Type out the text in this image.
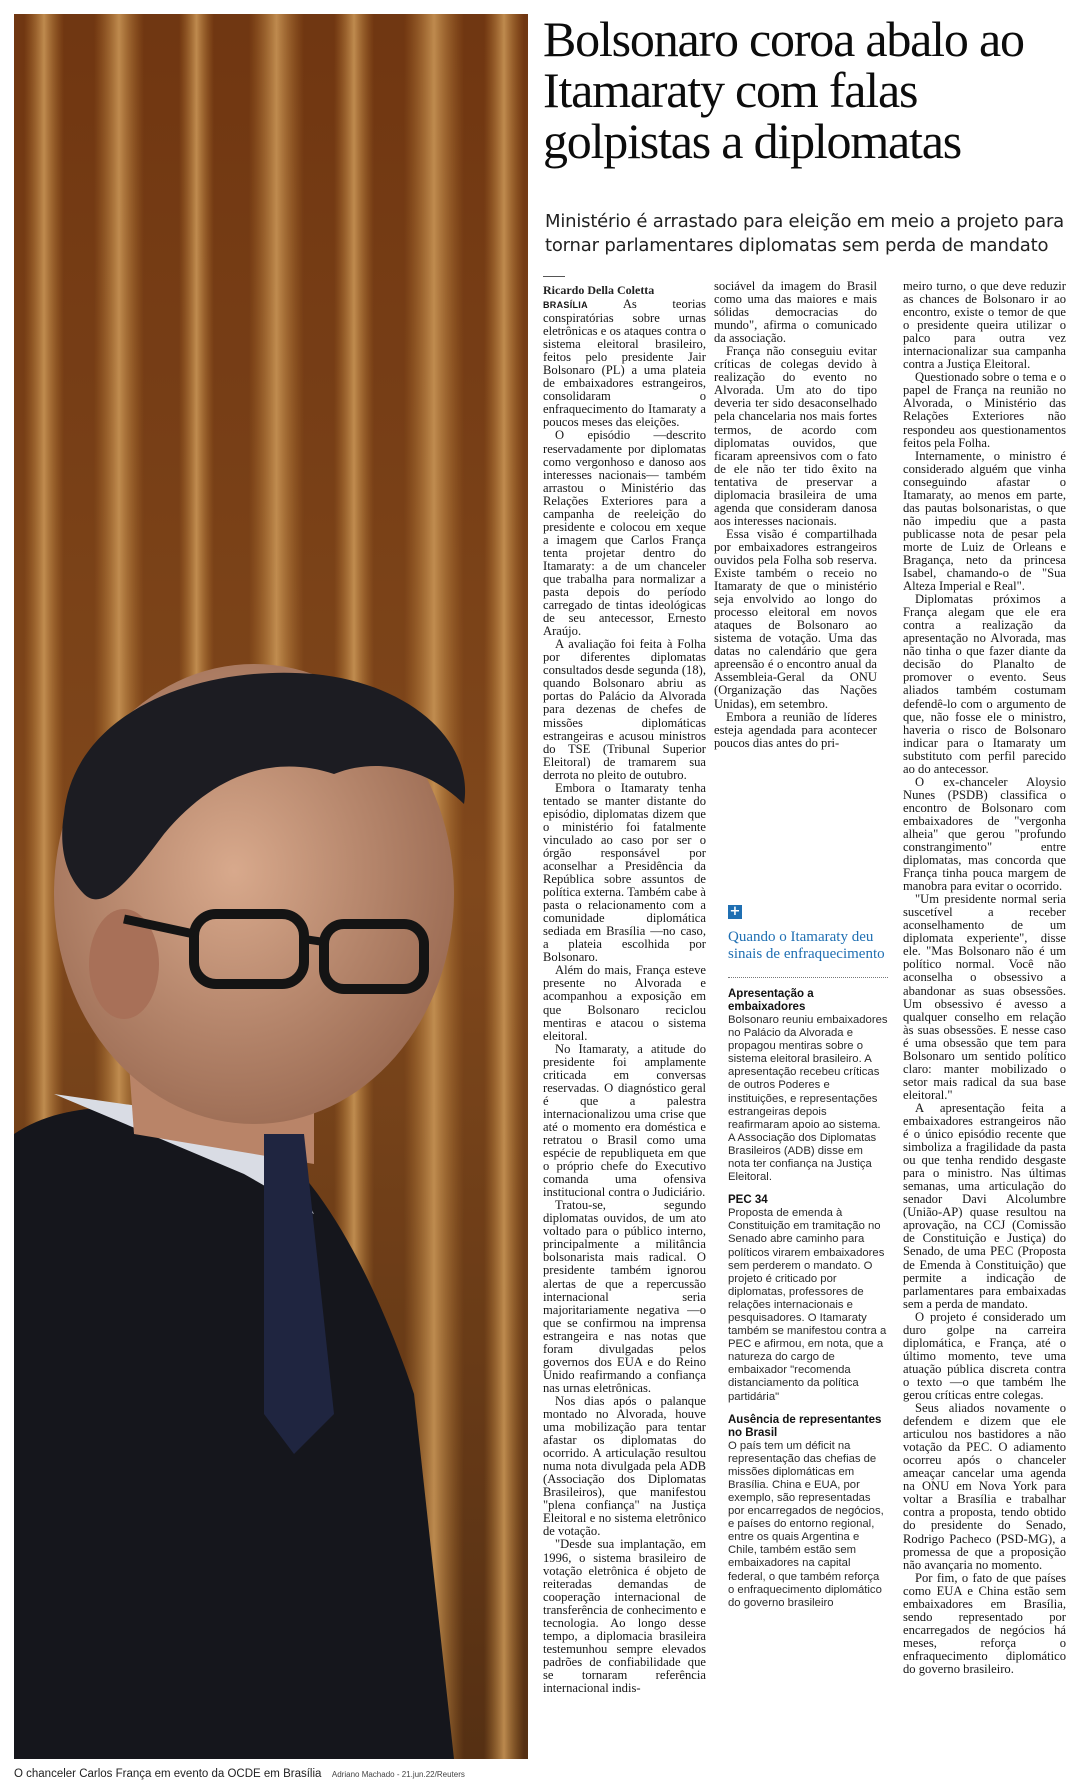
O chanceler Carlos França em evento da OCDE em Brasília Adriano Machado - 21.jun.22/Reuters
Bolsonaro coroa abalo ao Itamaraty com falas golpistas a diplomatas

Ministério é arrastado para eleição em meio a projeto para tornar parlamentares diplomatas sem perda de mandato

Ricardo Della Coletta

BRASÍLIA	As teorias conspiratórias sobre urnas eletrônicas e os ataques contra o sistema eleitoral brasileiro, feitos pelo presidente Jair Bolsonaro (PL) a uma plateia de embaixadores estrangeiros, consolidaram o enfraquecimento do Itamaraty a poucos meses das eleições.

O episódio —descrito reservadamente por diplomatas como vergonhoso e danoso aos interesses nacionais— também arrastou o Ministério das Relações Exteriores para a campanha de reeleição do presidente e colocou em xeque a imagem que Carlos França tenta projetar dentro do Itamaraty: a de um chanceler que trabalha para normalizar a pasta depois do período carregado de tintas ideológicas de seu antecessor, Ernesto Araújo.

A avaliação foi feita à Folha por diferentes diplomatas consultados desde segunda (18), quando Bolsonaro abriu as portas do Palácio da Alvorada para dezenas de chefes de missões diplomáticas estrangeiras e acusou ministros do TSE (Tribunal Superior Eleitoral) de tramarem sua derrota no pleito de outubro.

Embora o Itamaraty tenha tentado se manter distante do episódio, diplomatas dizem que o ministério foi fatalmente vinculado ao caso por ser o órgão responsável por aconselhar a Presidência da República sobre assuntos de política externa. Também cabe à pasta o relacionamento com a comunidade diplomática sediada em Brasília —no caso, a plateia escolhida por Bolsonaro.

Além do mais, França esteve presente no Alvorada e acompanhou a exposição em que Bolsonaro reciclou mentiras e atacou o sistema eleitoral.

No Itamaraty, a atitude do presidente foi amplamente criticada em conversas reservadas. O diagnóstico geral é que a palestra internacionalizou uma crise que até o momento era doméstica e retratou o Brasil como uma espécie de republiqueta em que o próprio chefe do Executivo comanda uma ofensiva institucional contra o Judiciário.

Tratou-se, segundo diplomatas ouvidos, de um ato voltado para o público interno, principalmente a militância bolsonarista mais radical. O presidente também ignorou alertas de que a repercussão internacional seria majoritariamente negativa —o que se confirmou na imprensa estrangeira e nas notas que foram divulgadas pelos governos dos EUA e do Reino Unido reafirmando a confiança nas urnas eletrônicas.

Nos dias após o palanque montado no Alvorada, houve uma mobilização para tentar afastar os diplomatas do ocorrido. A articulação resultou numa nota divulgada pela ADB (Associação dos Diplomatas Brasileiros), que manifestou "plena confiança" na Justiça Eleitoral e no sistema eletrônico de votação.

"Desde sua implantação, em 1996, o sistema brasileiro de votação eletrônica é objeto de reiteradas demandas de cooperação internacional de transferência de conhecimento e tecnologia. Ao longo desse tempo, a diplomacia brasileira testemunhou sempre elevados padrões de confiabilidade que se tornaram referência internacional indis-

sociável da imagem do Brasil como uma das maiores e mais sólidas democracias do mundo", afirma o comunicado da associação.

França não conseguiu evitar críticas de colegas devido à realização do evento no Alvorada. Um ato do tipo deveria ter sido desaconselhado pela chancelaria nos mais fortes termos, de acordo com diplomatas ouvidos, que ficaram apreensivos com o fato de ele não ter tido êxito na tentativa de preservar a diplomacia brasileira de uma agenda que consideram danosa aos interesses nacionais.

Essa visão é compartilhada por embaixadores estrangeiros ouvidos pela Folha sob reserva. Existe também o receio no Itamaraty de que o ministério seja envolvido ao longo do processo eleitoral em novos ataques de Bolsonaro ao sistema de votação. Uma das datas no calendário que gera apreensão é o encontro anual da Assembleia-Geral da ONU (Organização das Nações Unidas), em setembro.

Embora a reunião de líderes esteja agendada para acontecer poucos dias antes do pri-

+
Quando o Itamaraty deu sinais de enfraquecimento
Apresentação a embaixadores
Bolsonaro reuniu embaixadores no Palácio da Alvorada e propagou mentiras sobre o sistema eleitoral brasileiro. A apresentação recebeu críticas de outros Poderes e instituições, e representações estrangeiras depois reafirmaram apoio ao sistema. A Associação dos Diplomatas Brasileiros (ADB) disse em nota ter confiança na Justiça Eleitoral.
PEC 34
Proposta de emenda à Constituição em tramitação no Senado abre caminho para políticos virarem embaixadores sem perderem o mandato. O projeto é criticado por diplomatas, professores de relações internacionais e pesquisadores. O Itamaraty também se manifestou contra a PEC e afirmou, em nota, que a natureza do cargo de embaixador "recomenda distanciamento da política partidária"
Ausência de representantes no Brasil
O país tem um déficit na representação das chefias de missões diplomáticas em Brasília. China e EUA, por exemplo, são representadas por encarregados de negócios, e países do entorno regional, entre os quais Argentina e Chile, também estão sem embaixadores na capital federal, o que também reforça o enfraquecimento diplomático do governo brasileiro

meiro turno, o que deve reduzir as chances de Bolsonaro ir ao encontro, existe o temor de que o presidente queira utilizar o palco para outra vez internacionalizar sua campanha contra a Justiça Eleitoral.

Questionado sobre o tema e o papel de França na reunião no Alvorada, o Ministério das Relações Exteriores não respondeu aos questionamentos feitos pela Folha.

Internamente, o ministro é considerado alguém que vinha conseguindo afastar o Itamaraty, ao menos em parte, das pautas bolsonaristas, o que não impediu que a pasta publicasse nota de pesar pela morte de Luiz de Orleans e Bragança, neto da princesa Isabel, chamando-o de "Sua Alteza Imperial e Real".

Diplomatas próximos a França alegam que ele era contra a realização da apresentação no Alvorada, mas não tinha o que fazer diante da decisão do Planalto de promover o evento. Seus aliados também costumam defendê-lo com o argumento de que, não fosse ele o ministro, haveria o risco de Bolsonaro indicar para o Itamaraty um substituto com perfil parecido ao do antecessor.

O ex-chanceler Aloysio Nunes (PSDB) classifica o encontro de Bolsonaro com embaixadores de "vergonha alheia" que gerou "profundo constrangimento" entre diplomatas, mas concorda que França tinha pouca margem de manobra para evitar o ocorrido.

"Um presidente normal seria suscetível a receber aconselhamento de um diplomata experiente", disse ele. "Mas Bolsonaro não é um político normal. Você não aconselha o obsessivo a abandonar as suas obsessões. Um obsessivo é avesso a qualquer conselho em relação às suas obsessões. E nesse caso é uma obsessão que tem para Bolsonaro um sentido político claro: manter mobilizado o setor mais radical da sua base eleitoral."

A apresentação feita a embaixadores estrangeiros não é o único episódio recente que simboliza a fragilidade da pasta ou que tenha rendido desgaste para o ministro. Nas últimas semanas, uma articulação do senador Davi Alcolumbre (União-AP) quase resultou na aprovação, na CCJ (Comissão de Constituição e Justiça) do Senado, de uma PEC (Proposta de Emenda à Constituição) que permite a indicação de parlamentares para embaixadas sem a perda de mandato.

O projeto é considerado um duro golpe na carreira diplomática, e França, até o último momento, teve uma atuação pública discreta contra o texto —o que também lhe gerou críticas entre colegas.

Seus aliados novamente o defendem e dizem que ele articulou nos bastidores a não votação da PEC. O adiamento ocorreu após o chanceler ameaçar cancelar uma agenda na ONU em Nova York para voltar a Brasília e trabalhar contra a proposta, tendo obtido do presidente do Senado, Rodrigo Pacheco (PSD-MG), a promessa de que a proposição não avançaria no momento.

Por fim, o fato de que países como EUA e China estão sem embaixadores em Brasília, sendo representado por encarregados de negócios há meses, reforça o enfraquecimento diplomático do governo brasileiro.
